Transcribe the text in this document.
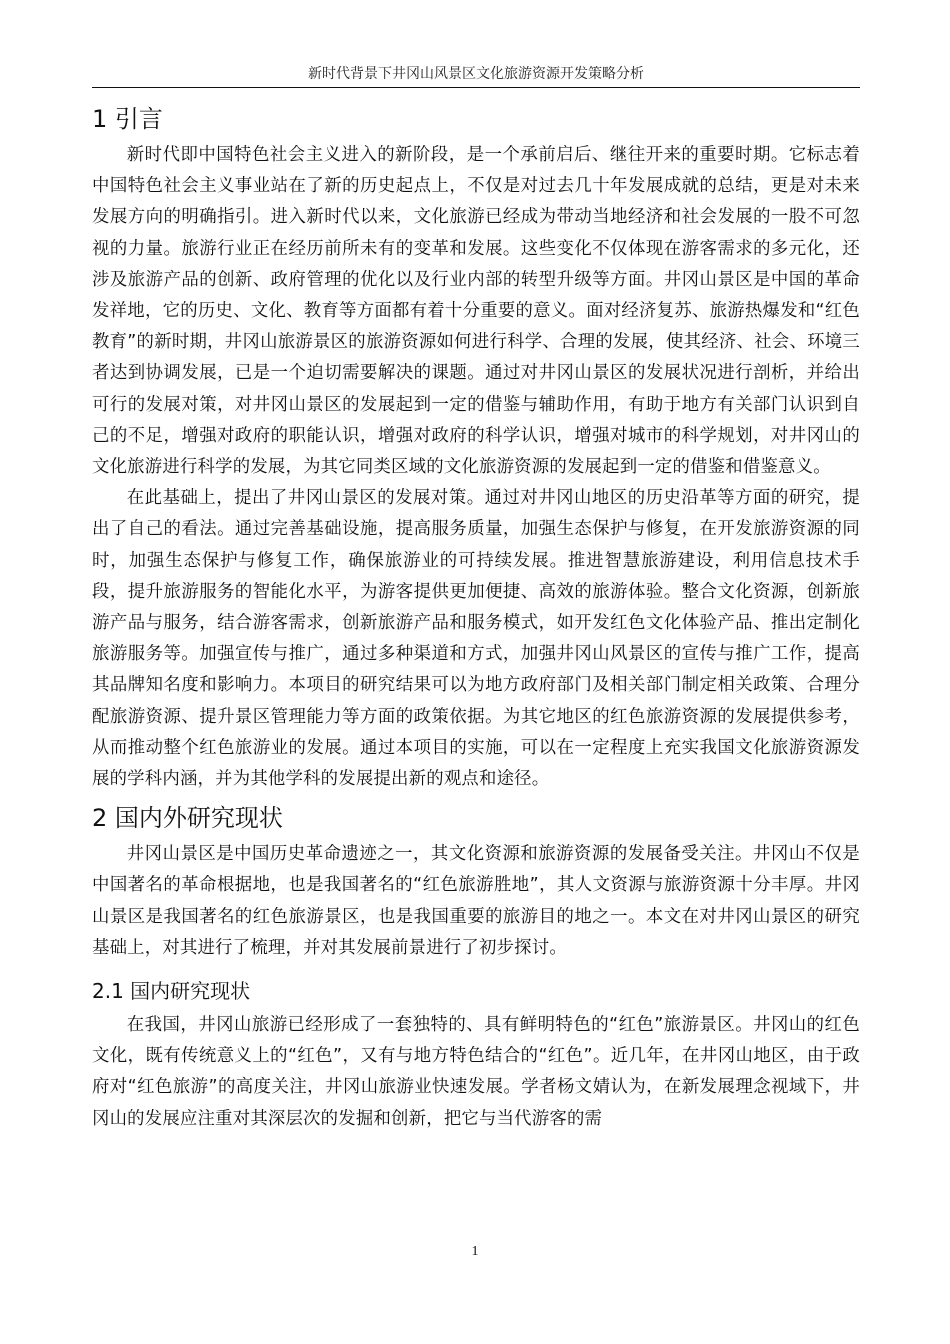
新时代背景下井冈山风景区文化旅游资源开发策略分析
1 引言

新时代即中国特色社会主义进入的新阶段，是一个承前启后、继往开来的重要时期。它标志着中国特色社会主义事业站在了新的历史起点上，不仅是对过去几十年发展成就的总结，更是对未来发展方向的明确指引。进入新时代以来，文化旅游已经成为带动当地经济和社会发展的一股不可忽视的力量。旅游行业正在经历前所未有的变革和发展。这些变化不仅体现在游客需求的多元化，还涉及旅游产品的创新、政府管理的优化以及行业内部的转型升级等方面。井冈山景区是中国的革命发祥地，它的历史、文化、教育等方面都有着十分重要的意义。面对经济复苏、旅游热爆发和“红色教育”的新时期，井冈山旅游景区的旅游资源如何进行科学、合理的发展，使其经济、社会、环境三者达到协调发展，已是一个迫切需要解决的课题。通过对井冈山景区的发展状况进行剖析，并给出可行的发展对策，对井冈山景区的发展起到一定的借鉴与辅助作用，有助于地方有关部门认识到自己的不足，增强对政府的职能认识，增强对政府的科学认识，增强对城市的科学规划，对井冈山的文化旅游进行科学的发展，为其它同类区域的文化旅游资源的发展起到一定的借鉴和借鉴意义。

在此基础上，提出了井冈山景区的发展对策。通过对井冈山地区的历史沿革等方面的研究，提出了自己的看法。通过完善基础设施，提高服务质量，加强生态保护与修复，在开发旅游资源的同时，加强生态保护与修复工作，确保旅游业的可持续发展。推进智慧旅游建设，利用信息技术手段，提升旅游服务的智能化水平，为游客提供更加便捷、高效的旅游体验。整合文化资源，创新旅游产品与服务，结合游客需求，创新旅游产品和服务模式，如开发红色文化体验产品、推出定制化旅游服务等。加强宣传与推广，通过多种渠道和方式，加强井冈山风景区的宣传与推广工作，提高其品牌知名度和影响力。本项目的研究结果可以为地方政府部门及相关部门制定相关政策、合理分配旅游资源、提升景区管理能力等方面的政策依据。为其它地区的红色旅游资源的发展提供参考，从而推动整个红色旅游业的发展。通过本项目的实施，可以在一定程度上充实我国文化旅游资源发展的学科内涵，并为其他学科的发展提出新的观点和途径。

2 国内外研究现状

井冈山景区是中国历史革命遗迹之一，其文化资源和旅游资源的发展备受关注。井冈山不仅是中国著名的革命根据地，也是我国著名的“红色旅游胜地”，其人文资源与旅游资源十分丰厚。井冈山景区是我国著名的红色旅游景区，也是我国重要的旅游目的地之一。本文在对井冈山景区的研究基础上，对其进行了梳理，并对其发展前景进行了初步探讨。

2.1 国内研究现状

在我国，井冈山旅游已经形成了一套独特的、具有鲜明特色的“红色”旅游景区。井冈山的红色文化，既有传统意义上的“红色”，又有与地方特色结合的“红色”。近几年，在井冈山地区，由于政府对“红色旅游”的高度关注，井冈山旅游业快速发展。学者杨文婧认为，在新发展理念视域下，井冈山的发展应注重对其深层次的发掘和创新，把它与当代游客的需

1
